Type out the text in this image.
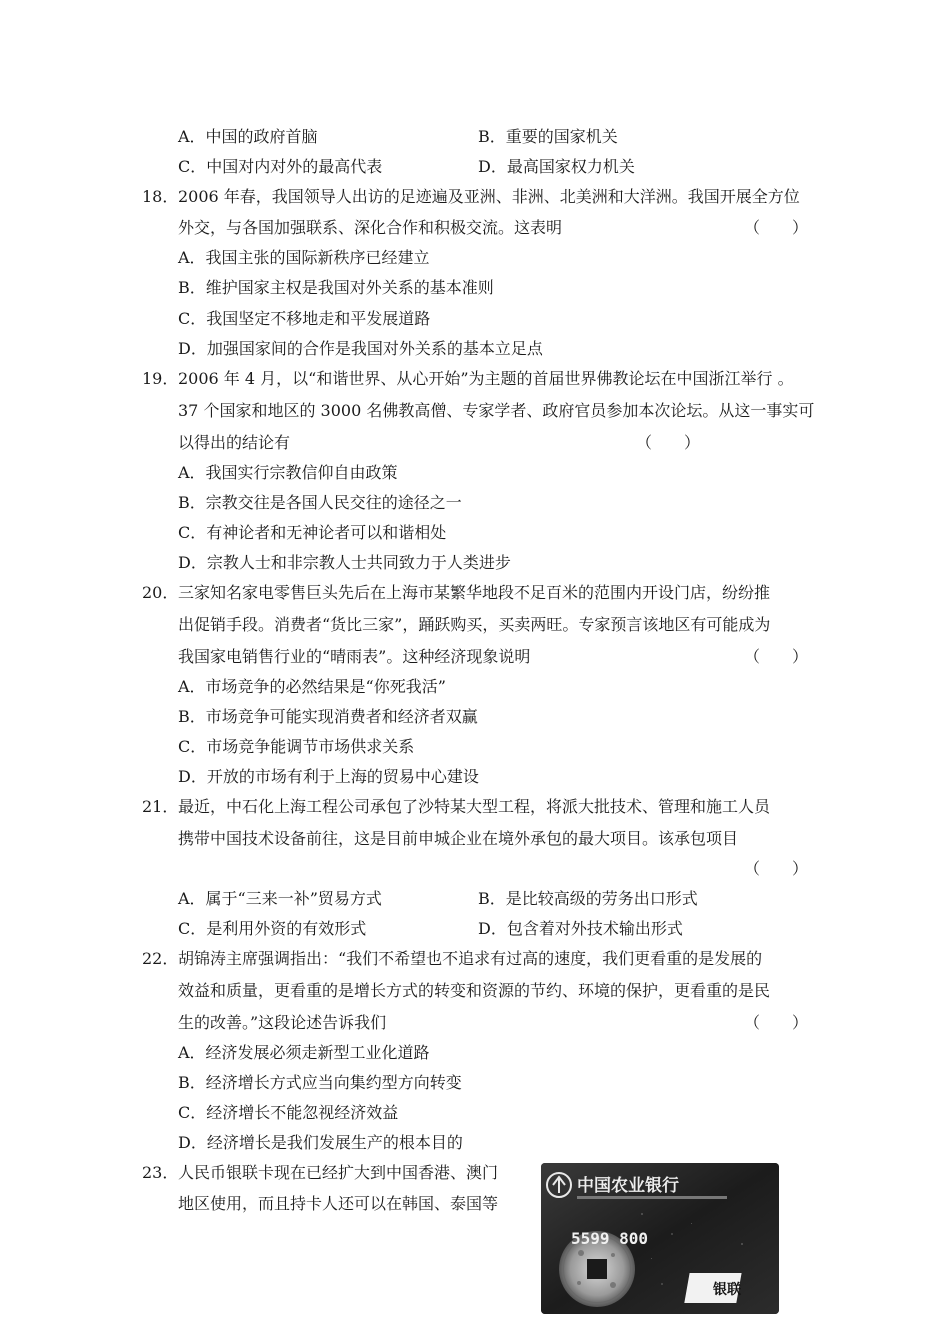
A．中国的政府首脑	B．重要的国家机关
C．中国对内对外的最高代表	D．最高国家权力机关
18． 2006 年春，我国领导人出访的足迹遍及亚洲、非洲、北美洲和大洋洲。我国开展全方位
外交，与各国加强联系、深化合作和积极交流。这表明	（　　）
A．我国主张的国际新秩序已经建立
B．维护国家主权是我国对外关系的基本准则
C．我国坚定不移地走和平发展道路
D．加强国家间的合作是我国对外关系的基本立足点
19． 2006 年 4 月，以“和谐世界、从心开始”为主题的首届世界佛教论坛在中国浙江举行 。
37 个国家和地区的 3000 名佛教高僧、专家学者、政府官员参加本次论坛。从这一事实可
以得出的结论有	（　　）
A．我国实行宗教信仰自由政策
B．宗教交往是各国人民交往的途径之一
C．有神论者和无神论者可以和谐相处
D．宗教人士和非宗教人士共同致力于人类进步
20． 三家知名家电零售巨头先后在上海市某繁华地段不足百米的范围内开设门店，纷纷推
出促销手段。消费者“货比三家”，踊跃购买，买卖两旺。专家预言该地区有可能成为
我国家电销售行业的“晴雨表”。这种经济现象说明	（　　）
A．市场竞争的必然结果是“你死我活”
B．市场竞争可能实现消费者和经济者双赢
C．市场竞争能调节市场供求关系
D．开放的市场有利于上海的贸易中心建设
21． 最近，中石化上海工程公司承包了沙特某大型工程，将派大批技术、管理和施工人员
携带中国技术设备前往，这是目前申城企业在境外承包的最大项目。该承包项目
（　　）
A．属于“三来一补”贸易方式	B．是比较高级的劳务出口形式
C．是利用外资的有效形式	D．包含着对外技术输出形式
22． 胡锦涛主席强调指出：“我们不希望也不追求有过高的速度，我们更看重的是发展的
效益和质量，更看重的是增长方式的转变和资源的节约、环境的保护，更看重的是民
生的改善。”这段论述告诉我们	（　　）
A．经济发展必须走新型工业化道路
B．经济增长方式应当向集约型方向转变
C．经济增长不能忽视经济效益
D．经济增长是我们发展生产的根本目的
23． 人民币银联卡现在已经扩大到中国香港、澳门
地区使用，而且持卡人还可以在韩国、泰国等
中国农业银行
5599 800
银联
